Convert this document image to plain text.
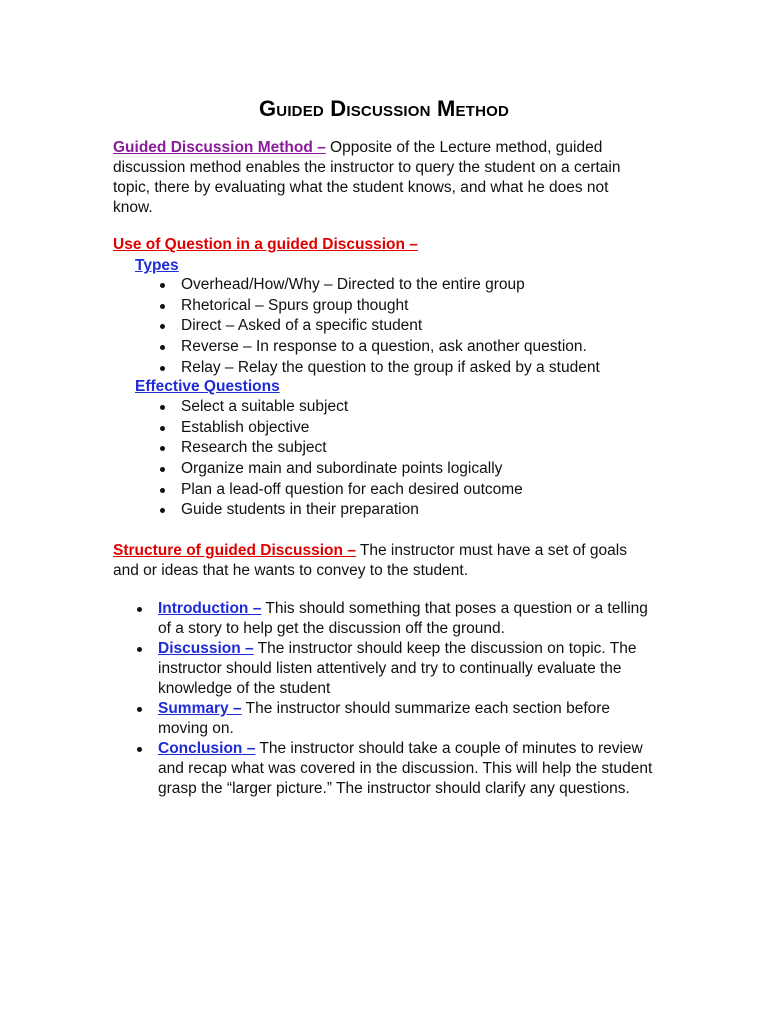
Guided Discussion Method
Guided Discussion Method – Opposite of the Lecture method, guided discussion method enables the instructor to query the student on a certain topic, there by evaluating what the student knows, and what he does not know.
Use of Question in a guided Discussion –
Types
Overhead/How/Why – Directed to the entire group
Rhetorical – Spurs group thought
Direct – Asked of a specific student
Reverse – In response to a question, ask another question.
Relay – Relay the question to the group if asked by a student
Effective Questions
Select a suitable subject
Establish objective
Research the subject
Organize main and subordinate points logically
Plan a lead-off question for each desired outcome
Guide students in their preparation
Structure of guided Discussion – The instructor must have a set of goals and or ideas that he wants to convey to the student.
Introduction – This should something that poses a question or a telling of a story to help get the discussion off the ground.
Discussion – The instructor should keep the discussion on topic. The instructor should listen attentively and try to continually evaluate the knowledge of the student
Summary – The instructor should summarize each section before moving on.
Conclusion – The instructor should take a couple of minutes to review and recap what was covered in the discussion. This will help the student grasp the “larger picture.” The instructor should clarify any questions.
